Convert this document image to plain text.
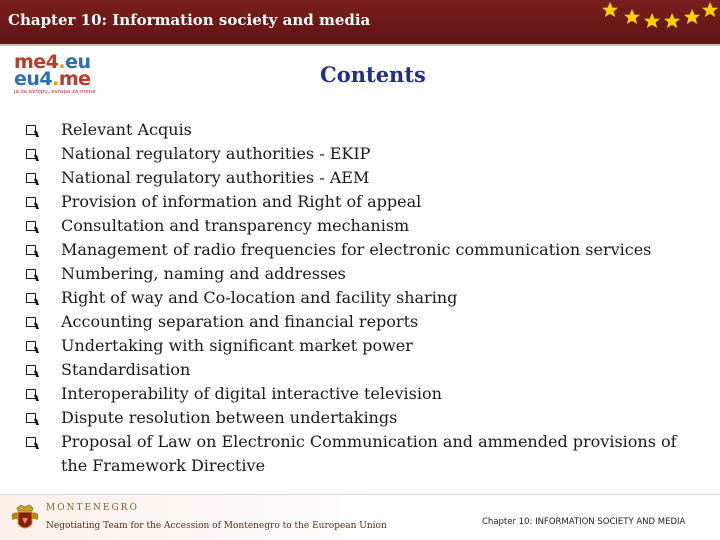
Chapter 10: Information society and media
me4.eu
eu4.me
ja za evropu, evropa za mene
Contents
Relevant Acquis
National regulatory authorities - EKIP
National regulatory authorities - AEM
Provision of information and Right of appeal
Consultation and transparency mechanism
Management of radio frequencies for electronic communication services
Numbering, naming and addresses
Right of way and Co-location and facility sharing
Accounting separation and financial reports
Undertaking with significant market power
Standardisation
Interoperability of digital interactive television
Dispute resolution between undertakings
Proposal of Law on Electronic Communication and ammended provisions of the Framework Directive
MONTENEGRO
Negotiating Team for the Accession of Montenegro to the European Union	Chapter 10: INFORMATION SOCIETY AND MEDIA
